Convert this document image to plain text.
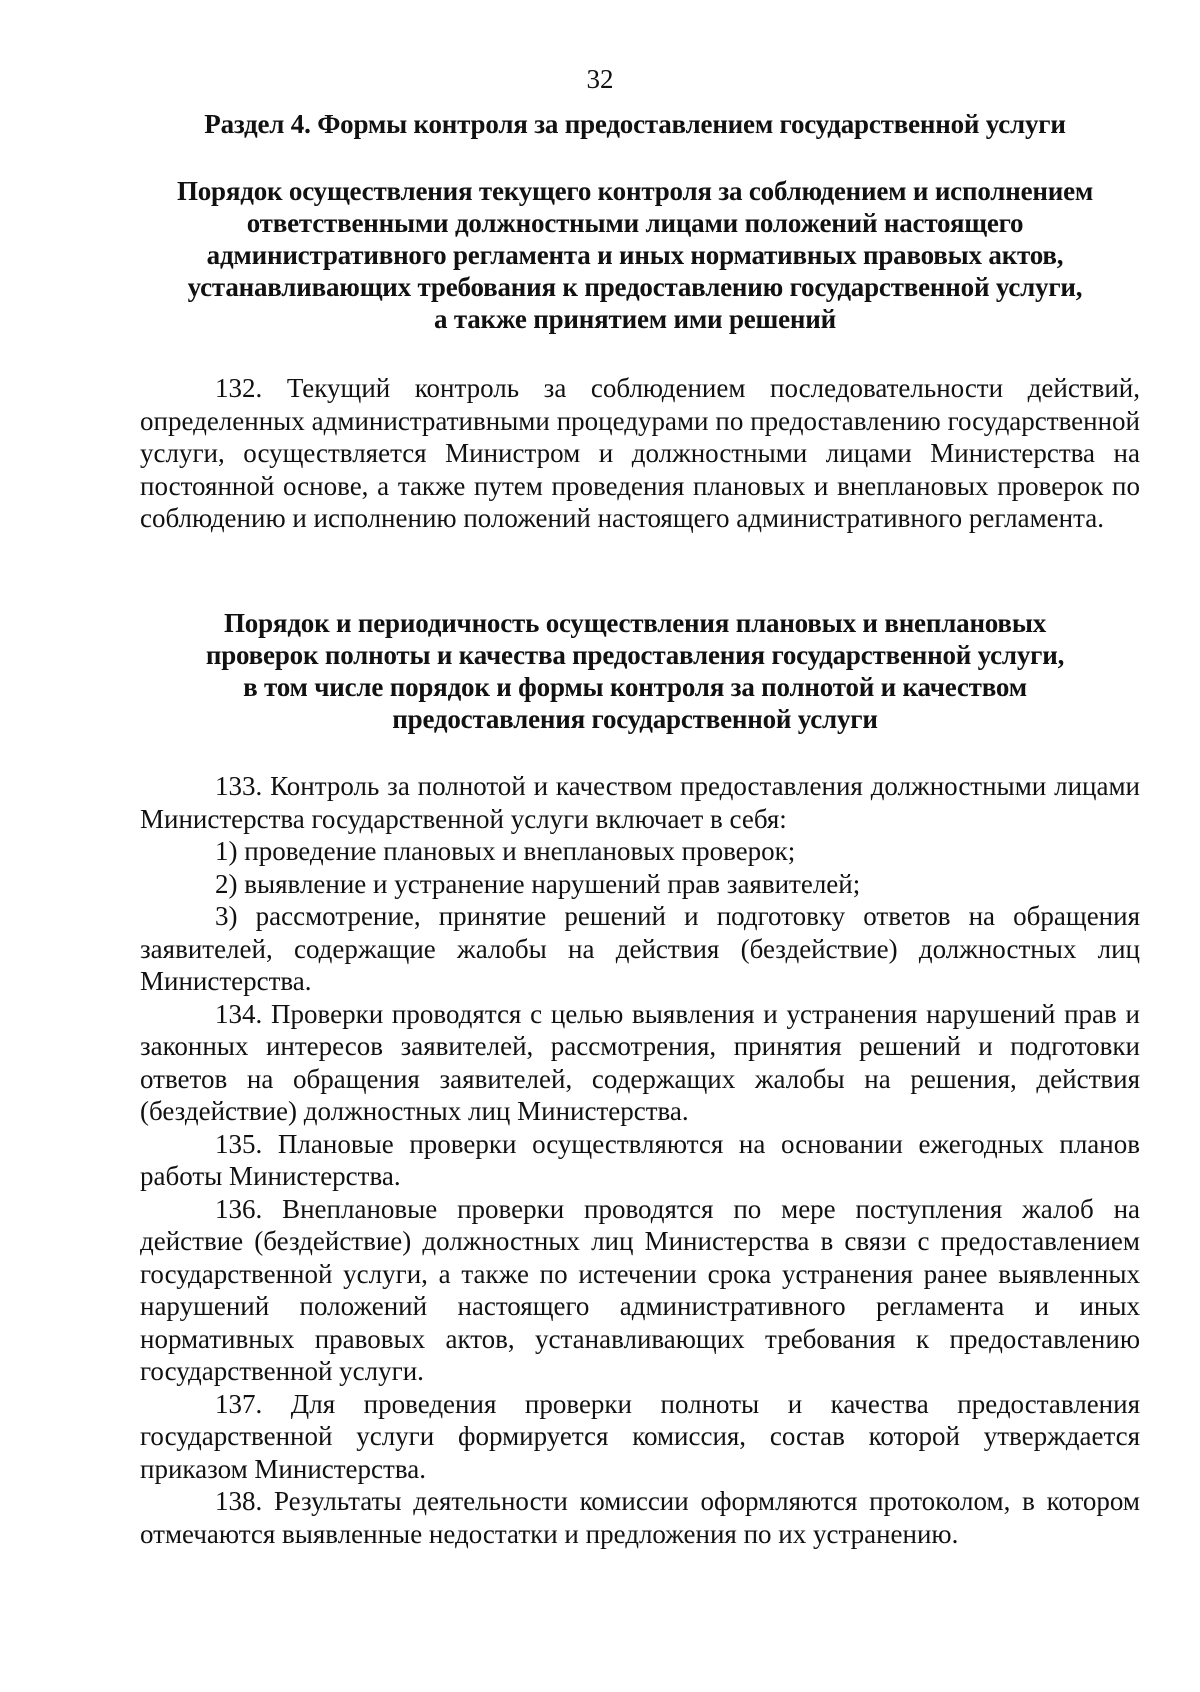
32
Раздел 4. Формы контроля за предоставлением государственной услуги
Порядок осуществления текущего контроля за соблюдением и исполнением
ответственными должностными лицами положений настоящего
административного регламента и иных нормативных правовых актов,
устанавливающих требования к предоставлению государственной услуги,
а также принятием ими решений

132. Текущий контроль за соблюдением последовательности действий, определенных административными процедурами по предоставлению государственной услуги, осуществляется Министром и должностными лицами Министерства на постоянной основе, а также путем проведения плановых и внеплановых проверок по соблюдению и исполнению положений настоящего административного регламента.

Порядок и периодичность осуществления плановых и внеплановых
проверок полноты и качества предоставления государственной услуги,
в том числе порядок и формы контроля за полнотой и качеством
предоставления государственной услуги

133. Контроль за полнотой и качеством предоставления должностными лицами Министерства государственной услуги включает в себя:

1) проведение плановых и внеплановых проверок;

2) выявление и устранение нарушений прав заявителей;

3) рассмотрение, принятие решений и подготовку ответов на обращения заявителей, содержащие жалобы на действия (бездействие) должностных лиц Министерства.

134. Проверки проводятся с целью выявления и устранения нарушений прав и законных интересов заявителей, рассмотрения, принятия решений и подготовки ответов на обращения заявителей, содержащих жалобы на решения, действия (бездействие) должностных лиц Министерства.

135. Плановые проверки осуществляются на основании ежегодных планов работы Министерства.

136. Внеплановые проверки проводятся по мере поступления жалоб на действие (бездействие) должностных лиц Министерства в связи с предоставлением государственной услуги, а также по истечении срока устранения ранее выявленных нарушений положений настоящего административного регламента и иных нормативных правовых актов, устанавливающих требования к предоставлению государственной услуги.

137. Для проведения проверки полноты и качества предоставления государственной услуги формируется комиссия, состав которой утверждается приказом Министерства.

138. Результаты деятельности комиссии оформляются протоколом, в котором отмечаются выявленные недостатки и предложения по их устранению.
